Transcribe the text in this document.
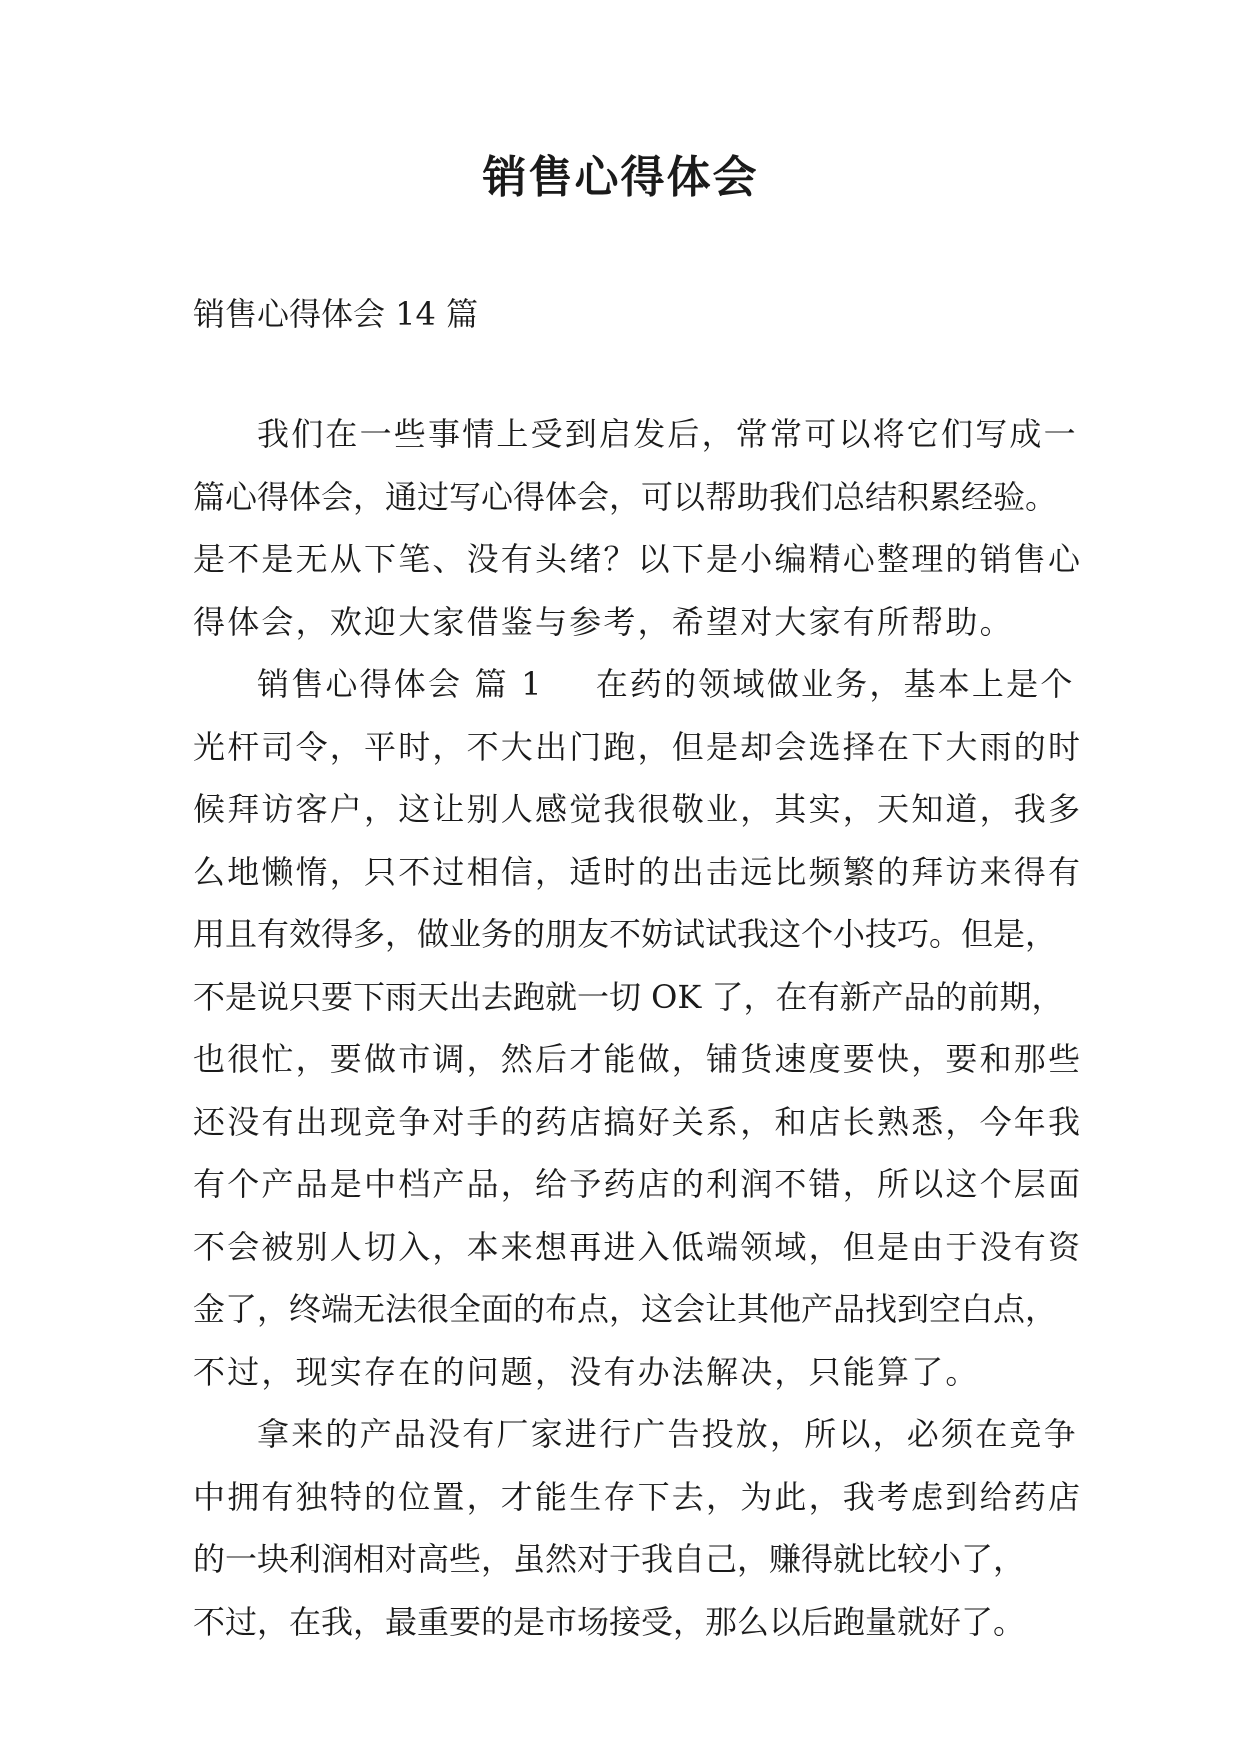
销售心得体会

销售心得体会 14 篇

我们在一些事情上受到启发后，常常可以将它们写成一
篇心得体会，通过写心得体会，可以帮助我们总结积累经验。
是不是无从下笔、没有头绪？以下是小编精心整理的销售心
得体会，欢迎大家借鉴与参考，希望对大家有所帮助。
销售心得体会 篇 1 在药的领域做业务，基本上是个
光杆司令，平时，不大出门跑，但是却会选择在下大雨的时
候拜访客户，这让别人感觉我很敬业，其实，天知道，我多
么地懒惰，只不过相信，适时的出击远比频繁的拜访来得有
用且有效得多，做业务的朋友不妨试试我这个小技巧。但是，
不是说只要下雨天出去跑就一切 OK 了，在有新产品的前期，
也很忙，要做市调，然后才能做，铺货速度要快，要和那些
还没有出现竞争对手的药店搞好关系，和店长熟悉，今年我
有个产品是中档产品，给予药店的利润不错，所以这个层面
不会被别人切入，本来想再进入低端领域，但是由于没有资
金了，终端无法很全面的布点，这会让其他产品找到空白点，
不过，现实存在的问题，没有办法解决，只能算了。
拿来的产品没有厂家进行广告投放，所以，必须在竞争
中拥有独特的位置，才能生存下去，为此，我考虑到给药店
的一块利润相对高些，虽然对于我自己，赚得就比较小了，
不过，在我，最重要的是市场接受，那么以后跑量就好了。
